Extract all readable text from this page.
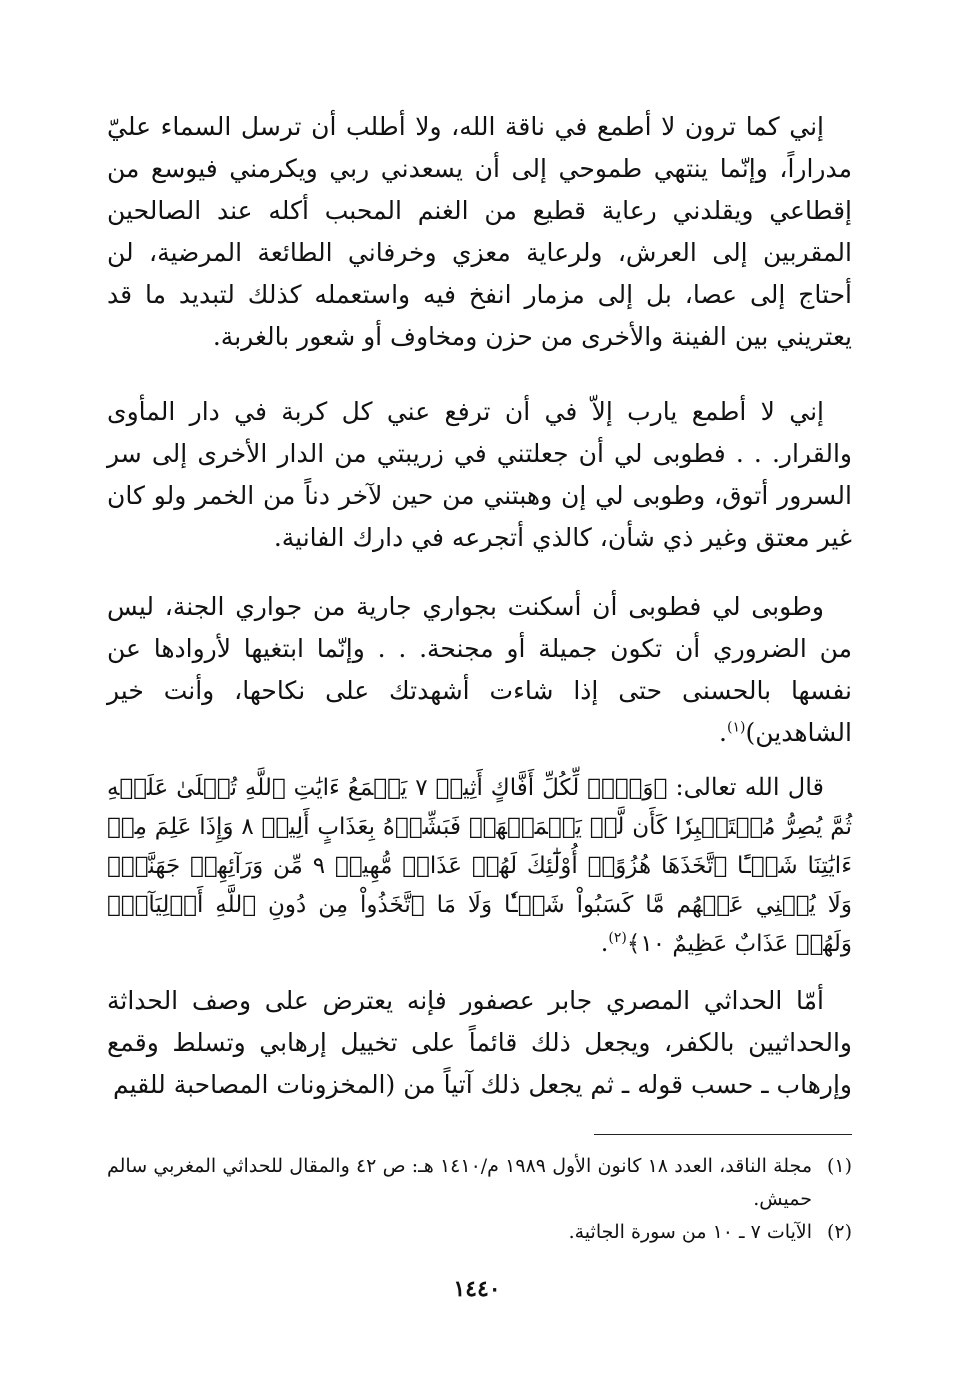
إني كما ترون لا أطمع في ناقة الله، ولا أطلب أن ترسل السماء عليّ مدراراً، وإنّما ينتهي طموحي إلى أن يسعدني ربي ويكرمني فيوسع من إقطاعي ويقلدني رعاية قطيع من الغنم المحبب أكله عند الصالحين المقربين إلى العرش، ولرعاية معزي وخرفاني الطائعة المرضية، لن أحتاج إلى عصا، بل إلى مزمار انفخ فيه واستعمله كذلك لتبديد ما قد يعتريني بين الفينة والأخرى من حزن ومخاوف أو شعور بالغربة.

إني لا أطمع يارب إلاّ في أن ترفع عني كل كربة في دار المأوى والقرار. . . فطوبى لي أن جعلتني في زريبتي من الدار الأخرى إلى سر السرور أتوق، وطوبى لي إن وهبتني من حين لآخر دناً من الخمر ولو كان غير معتق وغير ذي شأن، كالذي أتجرعه في دارك الفانية.

وطوبى لي فطوبى أن أسكنت بجواري جارية من جواري الجنة، ليس من الضروري أن تكون جميلة أو مجنحة. . . وإنّما ابتغيها لأروادها عن نفسها بالحسنى حتى إذا شاءت أشهدتك على نكاحها، وأنت خير الشاهدين)$^{(١)}$.

قال الله تعالى: ﴿وَيۡلٞ لِّكُلِّ أَفَّاكٍ أَثِيمٖ ٧ يَسۡمَعُ ءَايَٰتِ ٱللَّهِ تُتۡلَىٰ عَلَيۡهِ ثُمَّ يُصِرُّ مُسۡتَكۡبِرٗا كَأَن لَّمۡ يَسۡمَعۡهَاۖ فَبَشِّرۡهُ بِعَذَابٍ أَلِيمٖ ٨ وَإِذَا عَلِمَ مِنۡ ءَايَٰتِنَا شَيۡـًٔا ٱتَّخَذَهَا هُزُوًاۚ أُوْلَٰٓئِكَ لَهُمۡ عَذَابٞ مُّهِينٞ ٩ مِّن وَرَآئِهِمۡ جَهَنَّمُۖ وَلَا يُغۡنِي عَنۡهُم مَّا كَسَبُواْ شَيۡـٔٗا وَلَا مَا ٱتَّخَذُواْ مِن دُونِ ٱللَّهِ أَوۡلِيَآءَۖ وَلَهُمۡ عَذَابٌ عَظِيمٌ ١٠﴾$^{(٢)}$.

أمّا الحداثي المصري جابر عصفور فإنه يعترض على وصف الحداثة والحداثيين بالكفر، ويجعل ذلك قائماً على تخييل إرهابي وتسلط وقمع وإرهاب ـ حسب قوله ـ ثم يجعل ذلك آتياً من (المخزونات المصاحبة للقيم

(١)
مجلة الناقد، العدد ١٨ كانون الأول ١٩٨٩ م/١٤١٠ هـ: ص ٤٢ والمقال للحداثي المغربي سالم حميش.
(٢)
الآيات ٧ ـ ١٠ من سورة الجاثية.
١٤٤٠
